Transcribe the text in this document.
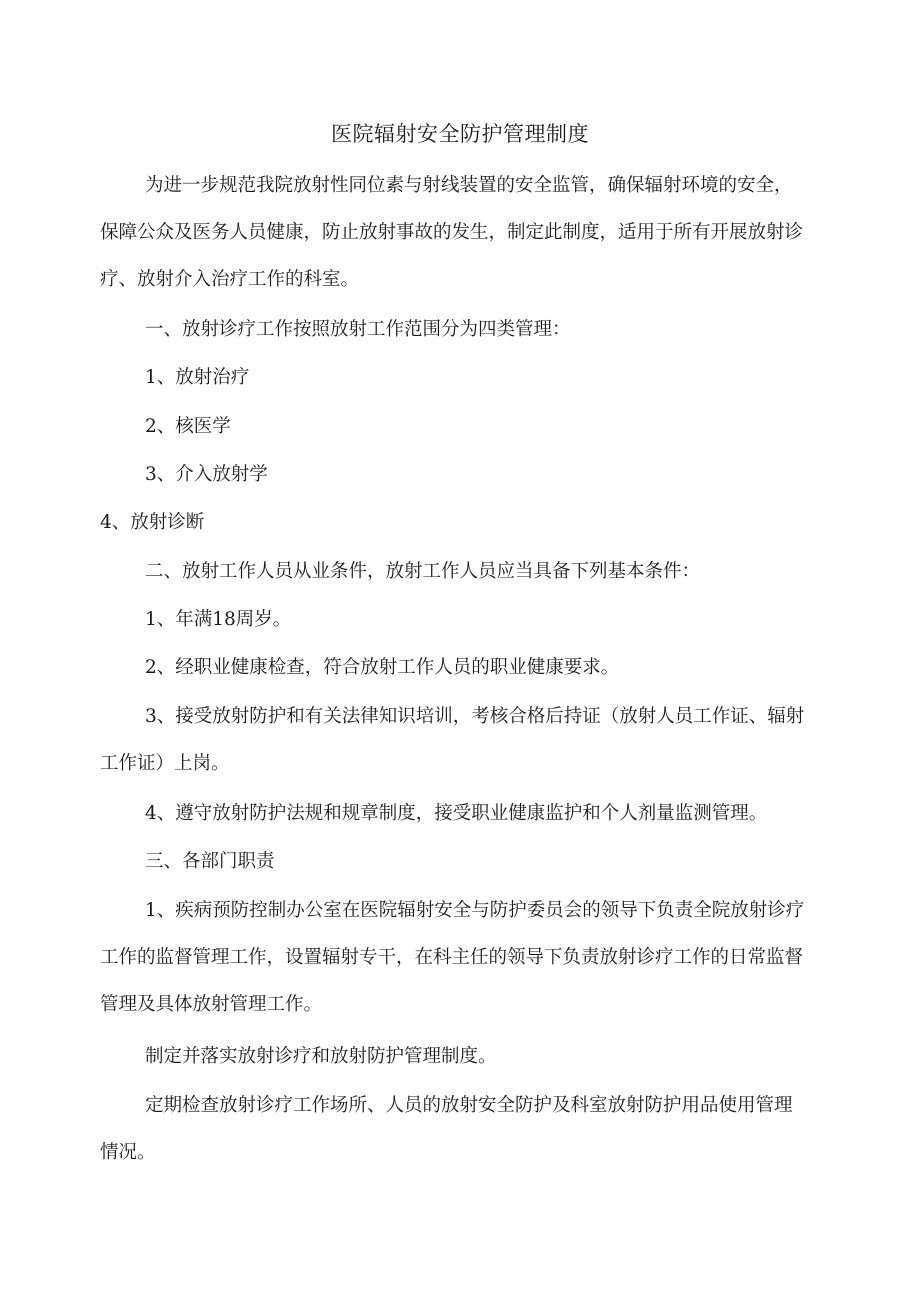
医院辐射安全防护管理制度
为进一步规范我院放射性同位素与射线装置的安全监管，确保辐射环境的安全，
保障公众及医务人员健康，防止放射事故的发生，制定此制度，适用于所有开展放射诊
疗、放射介入治疗工作的科室。
一、放射诊疗工作按照放射工作范围分为四类管理：
1、放射治疗
2、核医学
3、介入放射学
4、放射诊断
二、放射工作人员从业条件，放射工作人员应当具备下列基本条件：
1、年满18周岁。
2、经职业健康检查，符合放射工作人员的职业健康要求。
3、接受放射防护和有关法律知识培训，考核合格后持证（放射人员工作证、辐射
工作证）上岗。
4、遵守放射防护法规和规章制度，接受职业健康监护和个人剂量监测管理。
三、各部门职责
1、疾病预防控制办公室在医院辐射安全与防护委员会的领导下负责全院放射诊疗
工作的监督管理工作，设置辐射专干，在科主任的领导下负责放射诊疗工作的日常监督
管理及具体放射管理工作。
制定并落实放射诊疗和放射防护管理制度。
定期检查放射诊疗工作场所、人员的放射安全防护及科室放射防护用品使用管理
情况。
